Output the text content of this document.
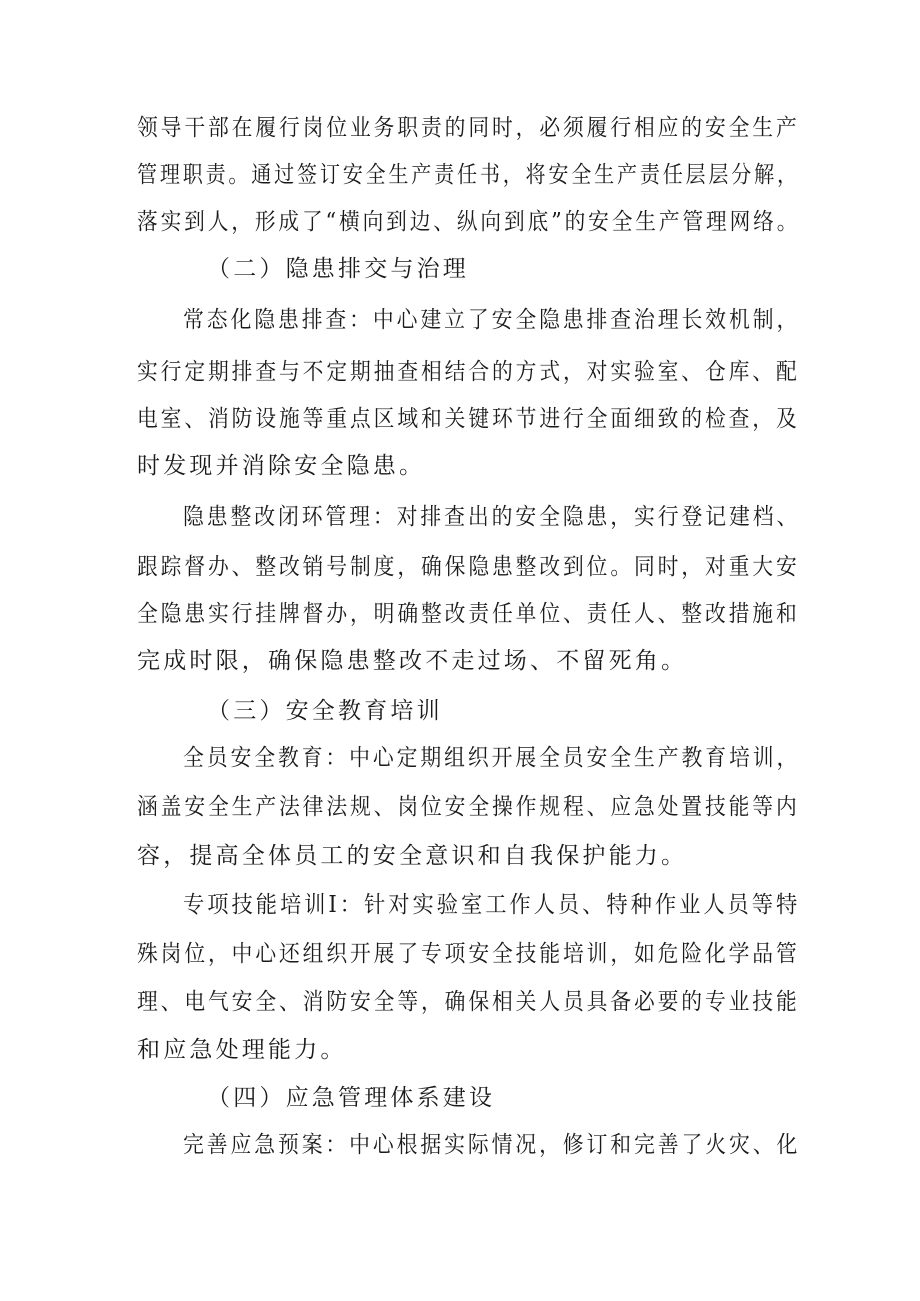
领导干部在履行岗位业务职责的同时，必须履行相应的安全生产
管理职责。通过签订安全生产责任书，将安全生产责任层层分解，
落实到人，形成了“横向到边、纵向到底”的安全生产管理网络。
（二）隐患排交与治理
常态化隐患排查：中心建立了安全隐患排查治理长效机制，
实行定期排查与不定期抽查相结合的方式，对实验室、仓库、配
电室、消防设施等重点区域和关键环节进行全面细致的检查，及
时发现并消除安全隐患。
隐患整改闭环管理：对排查出的安全隐患，实行登记建档、
跟踪督办、整改销号制度，确保隐患整改到位。同时，对重大安
全隐患实行挂牌督办，明确整改责任单位、责任人、整改措施和
完成时限，确保隐患整改不走过场、不留死角。
（三）安全教育培训
全员安全教育：中心定期组织开展全员安全生产教育培训，
涵盖安全生产法律法规、岗位安全操作规程、应急处置技能等内
容，提高全体员工的安全意识和自我保护能力。
专项技能培训Ⅰ：针对实验室工作人员、特种作业人员等特
殊岗位，中心还组织开展了专项安全技能培训，如危险化学品管
理、电气安全、消防安全等，确保相关人员具备必要的专业技能
和应急处理能力。
（四）应急管理体系建设
完善应急预案：中心根据实际情况，修订和完善了火灾、化
